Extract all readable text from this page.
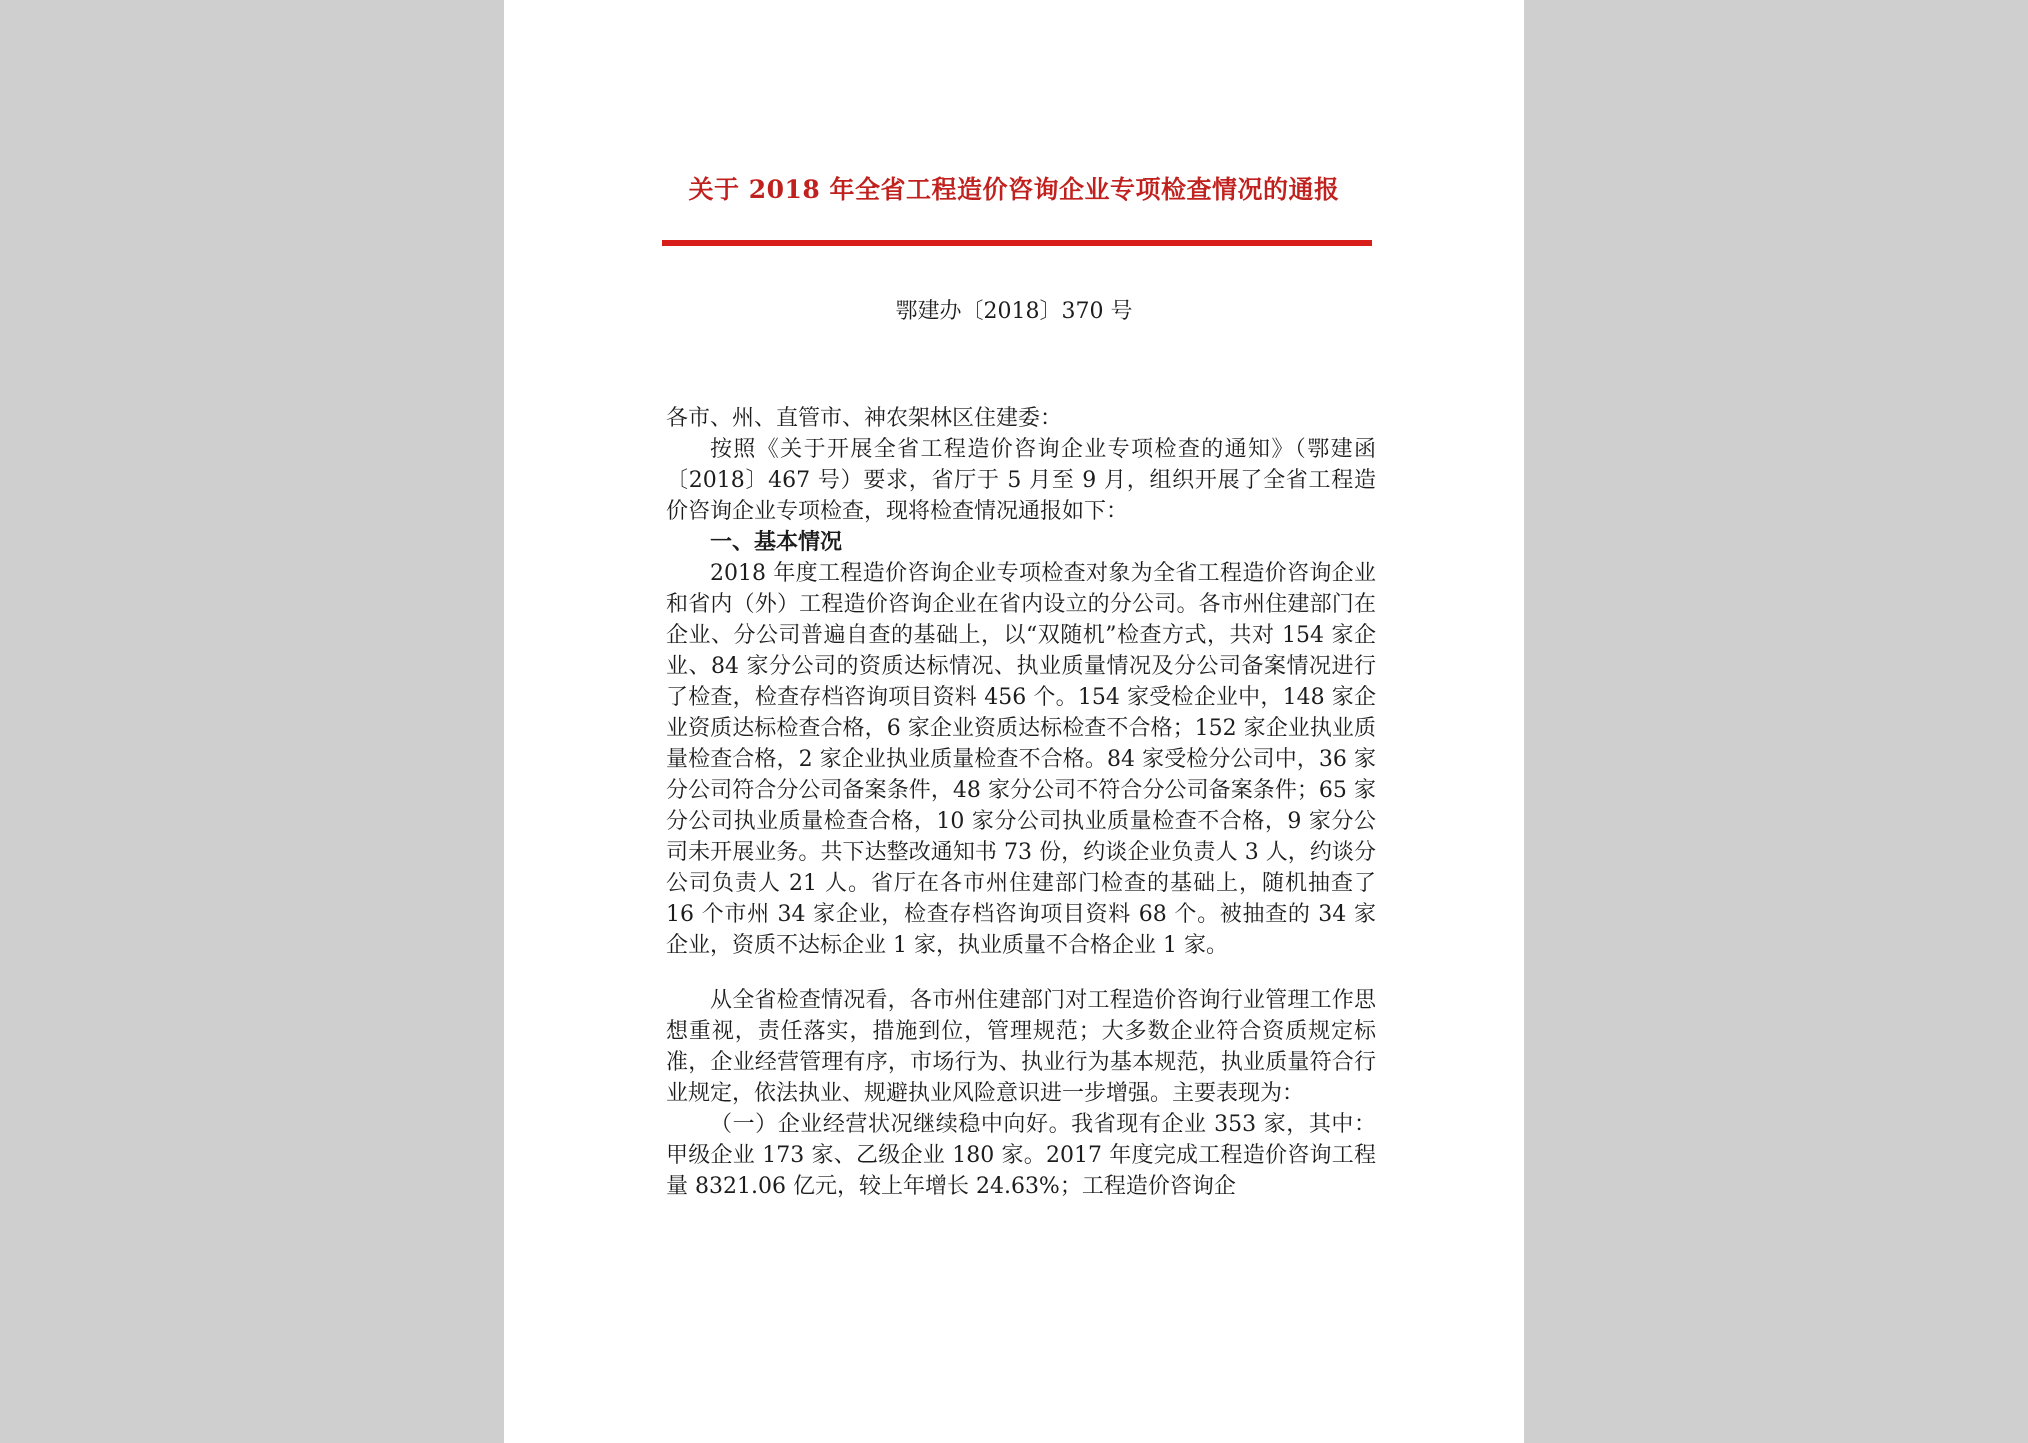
关于 2018 年全省工程造价咨询企业专项检查情况的通报

鄂建办〔2018〕370 号

各市、州、直管市、神农架林区住建委：

按照《关于开展全省工程造价咨询企业专项检查的通知》（鄂建函〔2018〕467 号）要求，省厅于 5 月至 9 月，组织开展了全省工程造价咨询企业专项检查，现将检查情况通报如下：

一、基本情况

2018 年度工程造价咨询企业专项检查对象为全省工程造价咨询企业和省内（外）工程造价咨询企业在省内设立的分公司。各市州住建部门在企业、分公司普遍自查的基础上，以“双随机”检查方式，共对 154 家企业、84 家分公司的资质达标情况、执业质量情况及分公司备案情况进行了检查，检查存档咨询项目资料 456 个。154 家受检企业中，148 家企业资质达标检查合格，6 家企业资质达标检查不合格；152 家企业执业质量检查合格，2 家企业执业质量检查不合格。84 家受检分公司中，36 家分公司符合分公司备案条件，48 家分公司不符合分公司备案条件；65 家分公司执业质量检查合格，10 家分公司执业质量检查不合格，9 家分公司未开展业务。共下达整改通知书 73 份，约谈企业负责人 3 人，约谈分公司负责人 21 人。省厅在各市州住建部门检查的基础上，随机抽查了 16 个市州 34 家企业，检查存档咨询项目资料 68 个。被抽查的 34 家企业，资质不达标企业 1 家，执业质量不合格企业 1 家。

从全省检查情况看，各市州住建部门对工程造价咨询行业管理工作思想重视，责任落实，措施到位，管理规范；大多数企业符合资质规定标准，企业经营管理有序，市场行为、执业行为基本规范，执业质量符合行业规定，依法执业、规避执业风险意识进一步增强。主要表现为：

（一）企业经营状况继续稳中向好。我省现有企业 353 家，其中：甲级企业 173 家、乙级企业 180 家。2017 年度完成工程造价咨询工程量 8321.06 亿元，较上年增长 24.63%；工程造价咨询企
